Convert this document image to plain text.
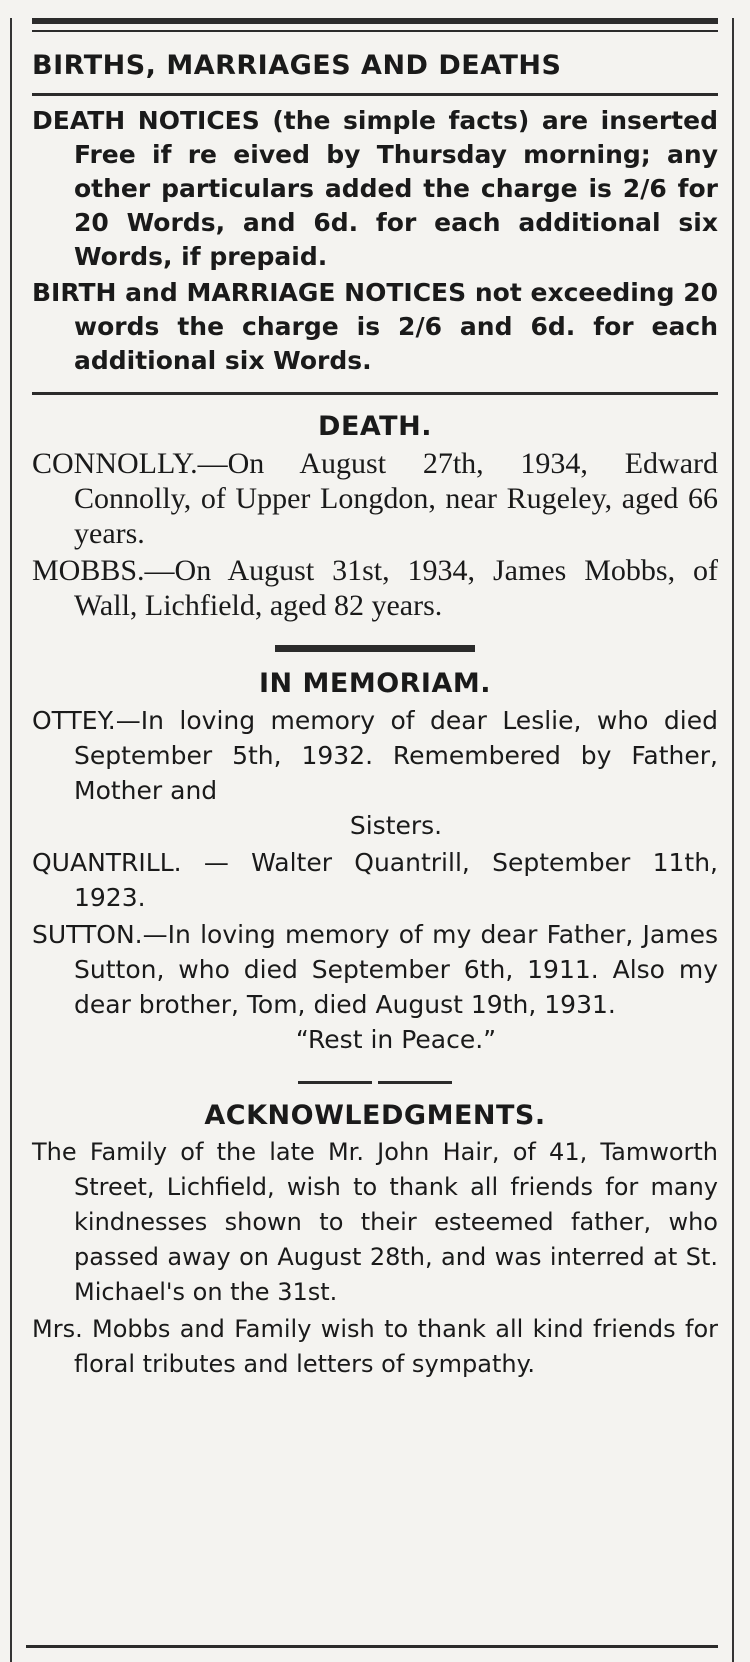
BIRTHS, MARRIAGES AND DEATHS

DEATH NOTICES (the simple facts) are inserted Free if re eived by Thursday morning; any other particulars added the charge is 2/6 for 20 Words, and 6d. for each additional six Words, if prepaid.

BIRTH and MARRIAGE NOTICES not exceeding 20 words the charge is 2/6 and 6d. for each additional six Words.

DEATH.

CONNOLLY.—On August 27th, 1934, Edward Connolly, of Upper Longdon, near Rugeley, aged 66 years.

MOBBS.—On August 31st, 1934, James Mobbs, of Wall, Lichfield, aged 82 years.

IN MEMORIAM.

OTTEY.—In loving memory of dear Leslie, who died September 5th, 1932. Remembered by Father, Mother and
Sisters.

QUANTRILL. — Walter Quantrill, September 11th, 1923.

SUTTON.—In loving memory of my dear Father, James Sutton, who died September 6th, 1911. Also my dear brother, Tom, died August 19th, 1931.
“Rest in Peace.”

ACKNOWLEDGMENTS.

The Family of the late Mr. John Hair, of 41, Tamworth Street, Lichfield, wish to thank all friends for many kindnesses shown to their esteemed father, who passed away on August 28th, and was interred at St. Michael's on the 31st.

Mrs. Mobbs and Family wish to thank all kind friends for floral tributes and letters of sympathy.
